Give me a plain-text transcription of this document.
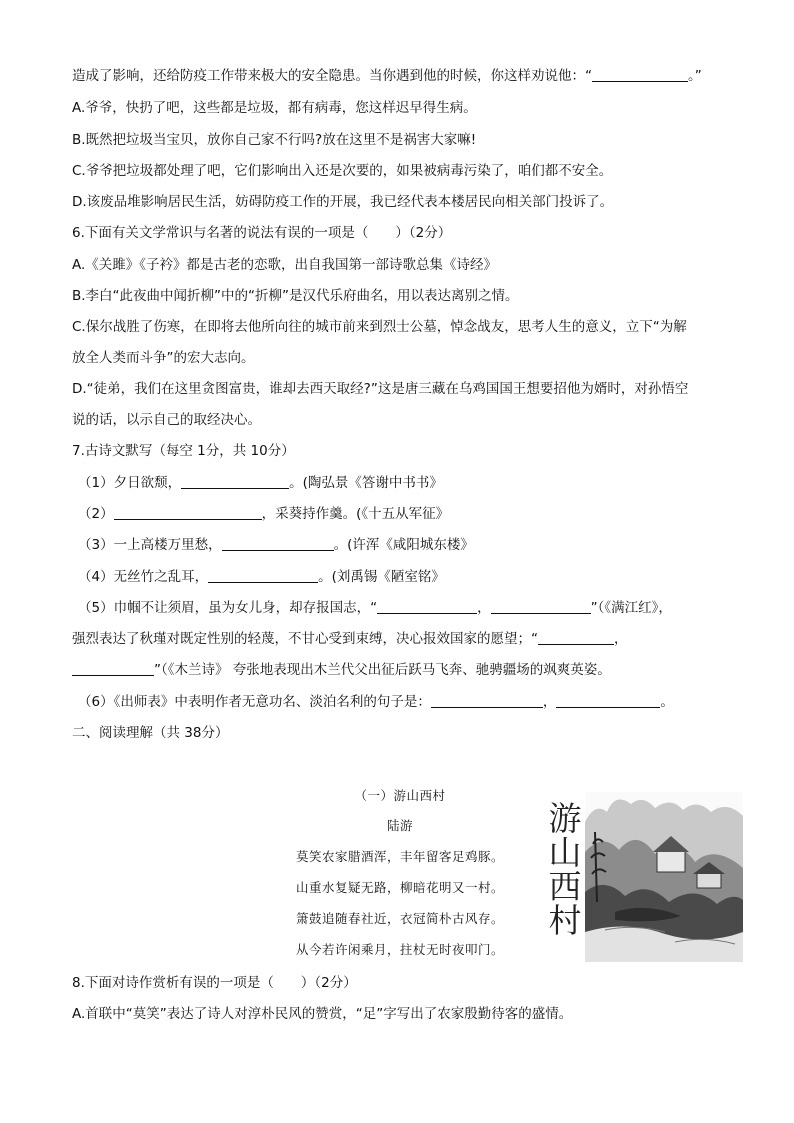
造成了影响，还给防疫工作带来极大的安全隐患。当你遇到他的时候，你这样劝说他：“	。”
A.爷爷，快扔了吧，这些都是垃圾，都有病毒，您这样迟早得生病。
B.既然把垃圾当宝贝，放你自己家不行吗?放在这里不是祸害大家嘛!
C.爷爷把垃圾都处理了吧，它们影响出入还是次要的，如果被病毒污染了，咱们都不安全。
D.该废品堆影响居民生活，妨碍防疫工作的开展，我已经代表本楼居民向相关部门投诉了。
6.下面有关文学常识与名著的说法有误的一项是（　　）（2分）
A.《关雎》《子衿》都是古老的恋歌，出自我国第一部诗歌总集《诗经》
B.李白“此夜曲中闻折柳”中的“折柳”是汉代乐府曲名，用以表达离别之情。
C.保尔战胜了伤寒，在即将去他所向往的城市前来到烈士公墓，悼念战友，思考人生的意义，立下“为解
放全人类而斗争”的宏大志向。
D.“徒弟，我们在这里贪图富贵，谁却去西天取经?”这是唐三藏在乌鸡国国王想要招他为婿时，对孙悟空
说的话，以示自己的取经决心。
7.古诗文默写（每空 1分，共 10分）
（1）夕日欲颓，	。(陶弘景《答谢中书书》
（2）	，采葵持作羹。(《十五从军征》
（3）一上高楼万里愁，	。(许浑《咸阳城东楼》
（4）无丝竹之乱耳，	。(刘禹锡《陋室铭》
（5）巾帼不让须眉，虽为女儿身，却存报国志，“	，	”（《满江红》，
强烈表达了秋瑾对既定性别的轻蔑，不甘心受到束缚，决心报效国家的愿望；“	，
”（《木兰诗》 夸张地表现出木兰代父出征后跃马飞奔、驰骋疆场的飒爽英姿。
（6）《出师表》中表明作者无意功名、淡泊名利的句子是：	，	。
二、阅读理解（共 38分）
（一）游山西村
陆游
莫笑农家腊酒浑，丰年留客足鸡豚。
山重水复疑无路，柳暗花明又一村。
箫鼓追随春社近，衣冠简朴古风存。
从今若许闲乘月，拄杖无时夜叩门。
游
山
西
村
8.下面对诗作赏析有误的一项是（　　）（2分）
A.首联中“莫笑”表达了诗人对淳朴民风的赞赏，“足”字写出了农家殷勤待客的盛情。
